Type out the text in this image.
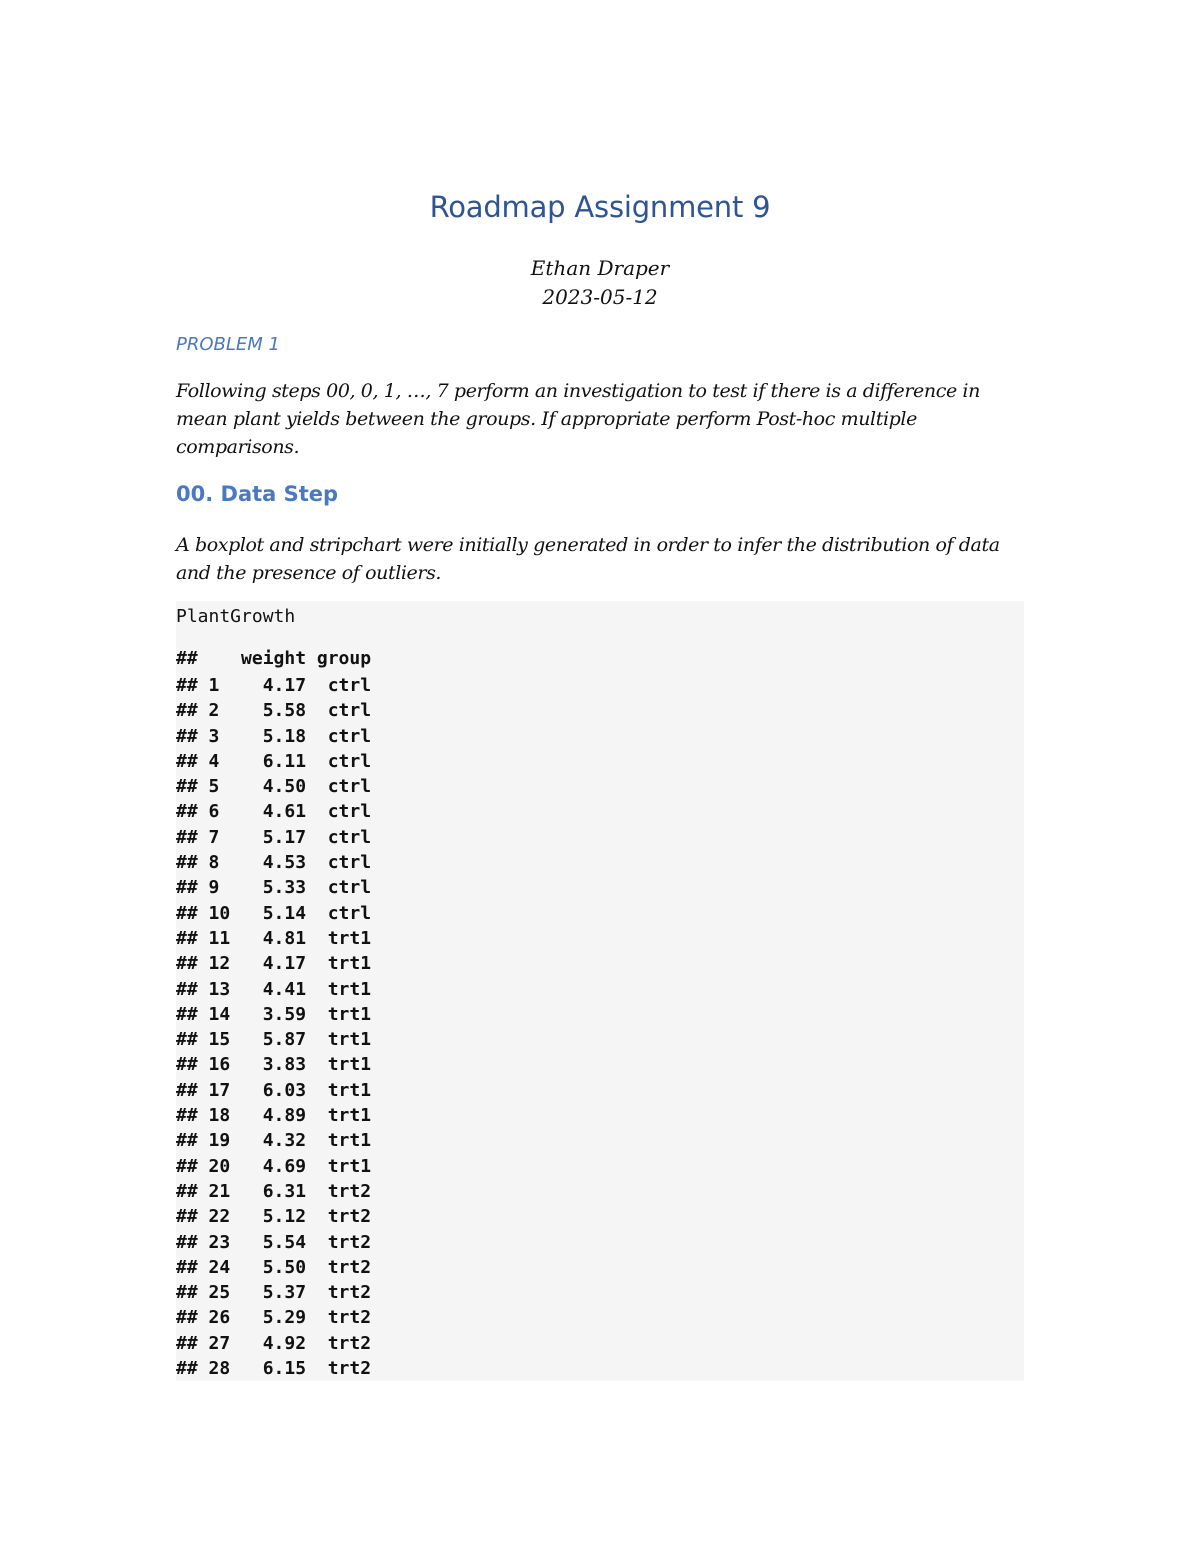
Roadmap Assignment 9
Ethan Draper
2023-05-12
PROBLEM 1
Following steps 00, 0, 1, …, 7 perform an investigation to test if there is a difference in mean plant yields between the groups. If appropriate perform Post-hoc multiple comparisons.
00. Data Step
A boxplot and stripchart were initially generated in order to infer the distribution of data and the presence of outliers.
PlantGrowth
##    weight group
## 1    4.17  ctrl
## 2    5.58  ctrl
## 3    5.18  ctrl
## 4    6.11  ctrl
## 5    4.50  ctrl
## 6    4.61  ctrl
## 7    5.17  ctrl
## 8    4.53  ctrl
## 9    5.33  ctrl
## 10   5.14  ctrl
## 11   4.81  trt1
## 12   4.17  trt1
## 13   4.41  trt1
## 14   3.59  trt1
## 15   5.87  trt1
## 16   3.83  trt1
## 17   6.03  trt1
## 18   4.89  trt1
## 19   4.32  trt1
## 20   4.69  trt1
## 21   6.31  trt2
## 22   5.12  trt2
## 23   5.54  trt2
## 24   5.50  trt2
## 25   5.37  trt2
## 26   5.29  trt2
## 27   4.92  trt2
## 28   6.15  trt2
